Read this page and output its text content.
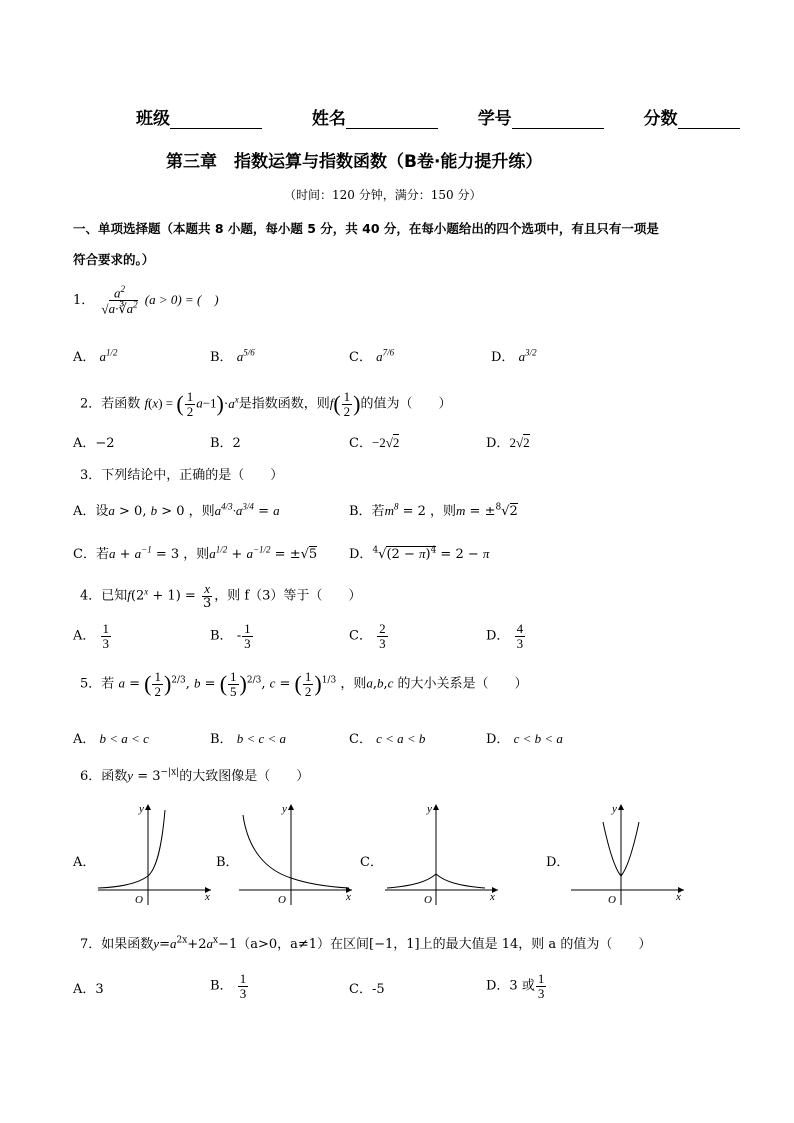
班级	姓名	学号	分数
第三章　指数运算与指数函数（B卷·能力提升练）
（时间：120 分钟，满分：150 分）
一、单项选择题（本题共 8 小题，每小题 5 分，共 40 分，在每小题给出的四个选项中，有且只有一项是
符合要求的。）
1． $\frac{a^2}{√a\cdot∛a^2} (a > 0)$ = (　)
A． $a^{1/2}$	B． $a^{5/6}$	C． $a^{7/6}$	D． $a^{3/2}$
2．若函数 f(x) = ( $\frac{1}{2} a-1)\cdot a^x$是指数函数，则$f( \frac{1}{2}$ )的值为（　　）
A．−2	B．2	C．−2√2	D．2√2
3．下列结论中，正确的是（　　）
A．设a > 0, b > 0 ，则$a^{4/3}\cdot a^{3/4} = a$	B．若$m^8 = 2$ ，则m = ±$^8$√2
C．若$a + a^{-1} = 3$ ，则$a^{1/2} + a^{-1/2} = \pm√5$ D．$^4√(2 - \pi)^4 = 2 - \pi$
4．已知$f(2^x + 1) = \frac{x}{3}$ ，则 f（3）等于（　　）
A． $\frac{1}{3}$	B． - $\frac{1}{3}$	C． $\frac{2}{3}$	D． $\frac{4}{3}$
5．若 a = ( $\frac{1}{2} )^{2/3}$, b = ( $\frac{1}{5} )^{2/3}$, c = ( $\frac{1}{2} )^{1/3}$ ，则a,b,c 的大小关系是（　　）
A． b < a < c	B． b < c < a	C． c < a < b	D． c < b < a
6．函数$y = 3^{-|x|}$的大致图像是（　　）
A．
O	x
y
B．
O	x
y
C．
O	x
y
D．
O	x
y
7．如果函数$y=a^{2x}+2a^x-1(a>0$，a≠1）在区间[−1，1]上的最大值是 14，则 a 的值为（　　）
A．3	B． $\frac{1}{3}$	C．-5	D．3 或 $\frac{1}{3}$
